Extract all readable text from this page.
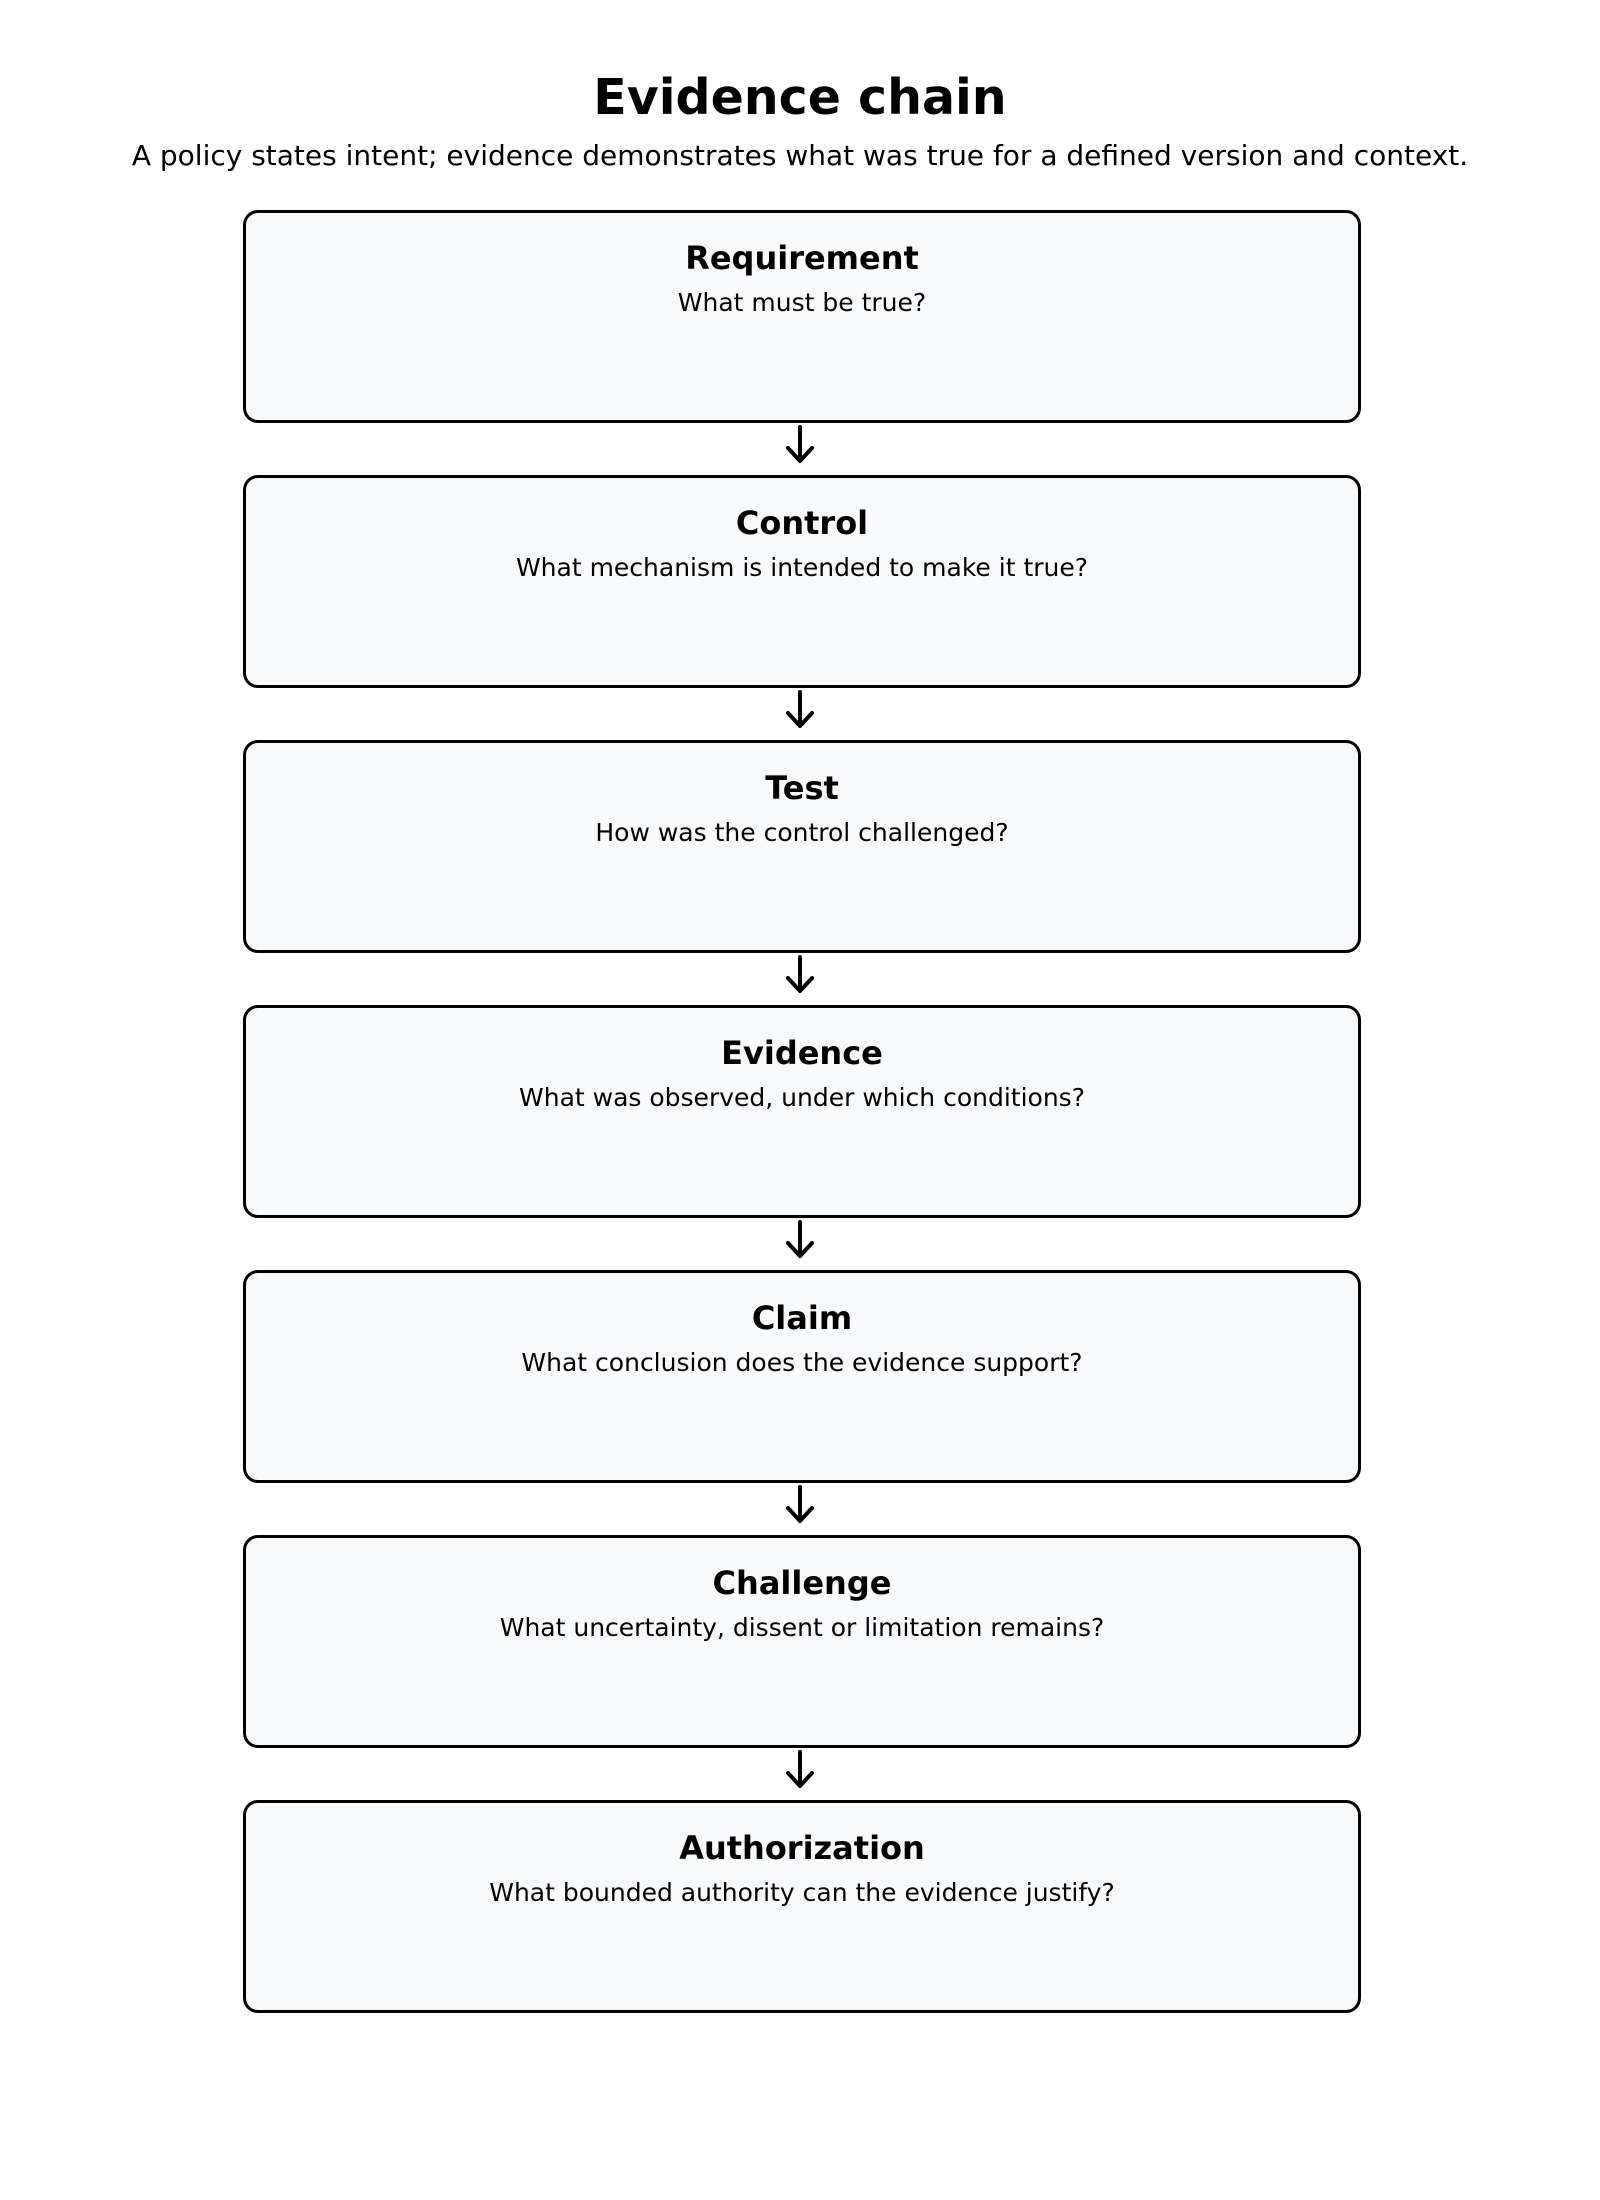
Evidence chain
A policy states intent; evidence demonstrates what was true for a defined version and context.
Requirement
What must be true?
Control
What mechanism is intended to make it true?
Test
How was the control challenged?
Evidence
What was observed, under which conditions?
Claim
What conclusion does the evidence support?
Challenge
What uncertainty, dissent or limitation remains?
Authorization
What bounded authority can the evidence justify?
